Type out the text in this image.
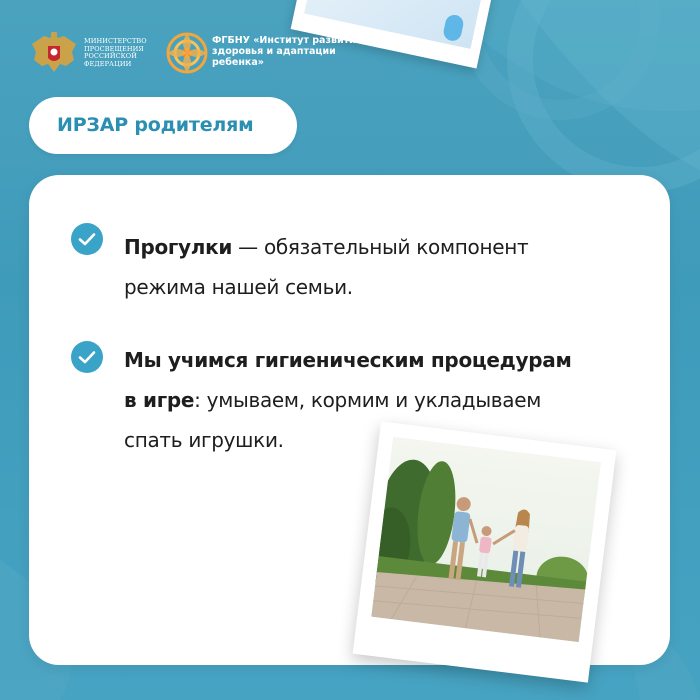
МИНИСТЕРСТВО
ПРОСВЕЩЕНИЯ
РОССИЙСКОЙ
ФЕДЕРАЦИИ
ФГБНУ «Институт развития,
здоровья и адаптации
ребенка»
ИРЗАР родителям
Прогулки — обязательный компонент
режима нашей семьи.
Мы учимся гигиеническим процедурам
в игре: умываем, кормим и укладываем
спать игрушки.
